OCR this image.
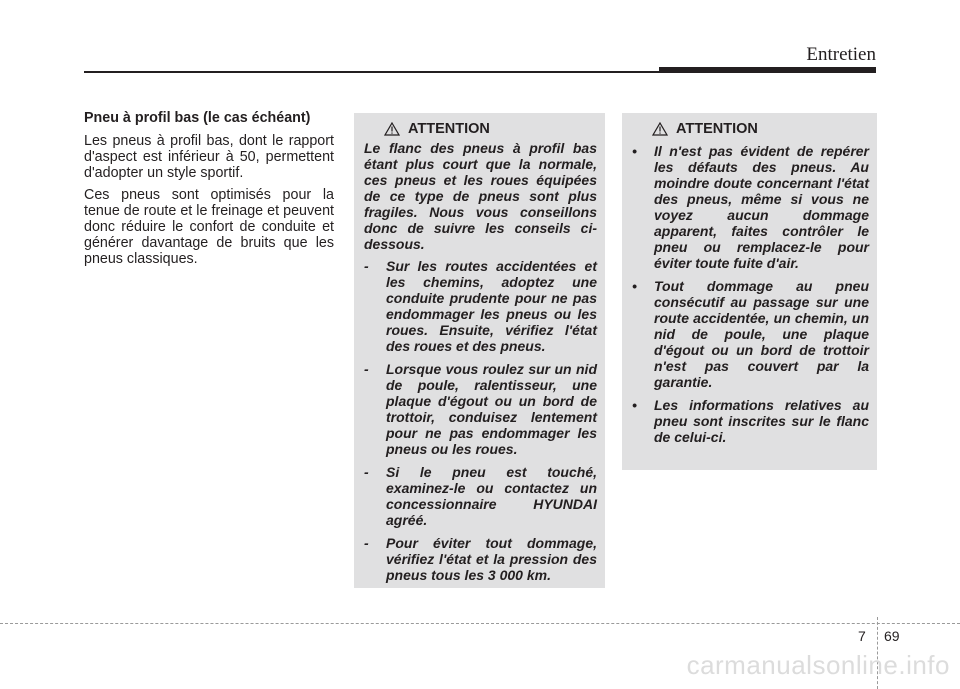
Entretien
Pneu à profil bas (le cas échéant)

Les pneus à profil bas, dont le rapport d'aspect est inférieur à 50, permettent d'adopter un style sportif.

Ces pneus sont optimisés pour la tenue de route et le freinage et peuvent donc réduire le confort de conduite et générer davantage de bruits que les pneus classiques.

ATTENTION

Le flanc des pneus à profil bas étant plus court que la normale, ces pneus et les roues équipées de ce type de pneus sont plus fragiles. Nous vous conseillons donc de suivre les conseils ci-dessous.

- Sur les routes accidentées et les chemins, adoptez une conduite prudente pour ne pas endommager les pneus ou les roues. Ensuite, vérifiez l'état des roues et des pneus.
- Lorsque vous roulez sur un nid de poule, ralentisseur, une plaque d'égout ou un bord de trottoir, conduisez lentement pour ne pas endommager les pneus ou les roues.
- Si le pneu est touché, examinez-le ou contactez un concessionnaire HYUNDAI agréé.
- Pour éviter tout dommage, vérifiez l'état et la pression des pneus tous les 3 000 km.
ATTENTION
• Il n'est pas évident de repérer les défauts des pneus. Au moindre doute concernant l'état des pneus, même si vous ne voyez aucun dommage apparent, faites contrôler le pneu ou remplacez-le pour éviter toute fuite d'air.
• Tout dommage au pneu consécutif au passage sur une route accidentée, un chemin, un nid de poule, une plaque d'égout ou un bord de trottoir n'est pas couvert par la garantie.
• Les informations relatives au pneu sont inscrites sur le flanc de celui-ci.
7 69
carmanualsonline.info
